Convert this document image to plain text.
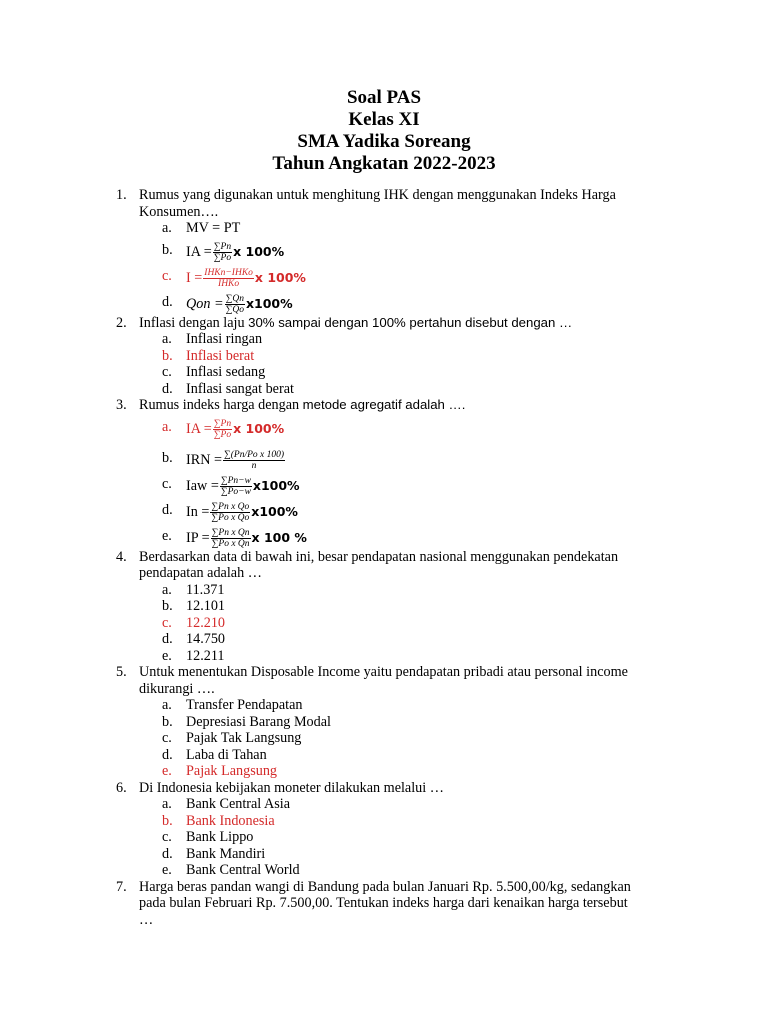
Soal PAS
Kelas XI
SMA Yadika Soreang
Tahun Angkatan 2022-2023
1. Rumus yang digunakan untuk menghitung IHK dengan menggunakan Indeks Harga Konsumen….
a. MV = PT
b. IA = $\frac{\sum Pn}{\sum Po}$ x 100%
c. $I = \frac{\text{IHKn−IHKo}}{\text{IHKo}}$ x 100%
d. Qon = $\frac{\sum Qn}{\sum Qo} x100\%$
2. Inflasi dengan laju 30% sampai dengan 100% pertahun disebut dengan …
a. Inflasi ringan
b. Inflasi berat
c. Inflasi sedang
d. Inflasi sangat berat
3. Rumus indeks harga dengan metode agregatif adalah ….
a. IA = $\frac{\sum Pn}{\sum Po}$ x 100%
b. IRN = $\frac{\text{∑(Pn/Po x 100)}}{n}$
c. Iaw = $\frac{\sum Pn-w}{\sum Po-w} x100\%$
d. $In = \frac{\text{∑Pn x Qo}}{\text{∑Po x Qo}} x100\%$
e. IP = $\frac{\text{∑Pn x Qn}}{\text{∑Po x Qn}}$ x 100 %
4. Berdasarkan data di bawah ini, besar pendapatan nasional menggunakan pendekatan pendapatan adalah …
a. 11.371
b. 12.101
c. 12.210
d. 14.750
e. 12.211
5. Untuk menentukan Disposable Income yaitu pendapatan pribadi atau personal income dikurangi ….
a. Transfer Pendapatan
b. Depresiasi Barang Modal
c. Pajak Tak Langsung
d. Laba di Tahan
e. Pajak Langsung
6. Di Indonesia kebijakan moneter dilakukan melalui …
a. Bank Central Asia
b. Bank Indonesia
c. Bank Lippo
d. Bank Mandiri
e. Bank Central World
7. Harga beras pandan wangi di Bandung pada bulan Januari Rp. 5.500,00/kg, sedangkan pada bulan Februari Rp. 7.500,00. Tentukan indeks harga dari kenaikan harga tersebut …
